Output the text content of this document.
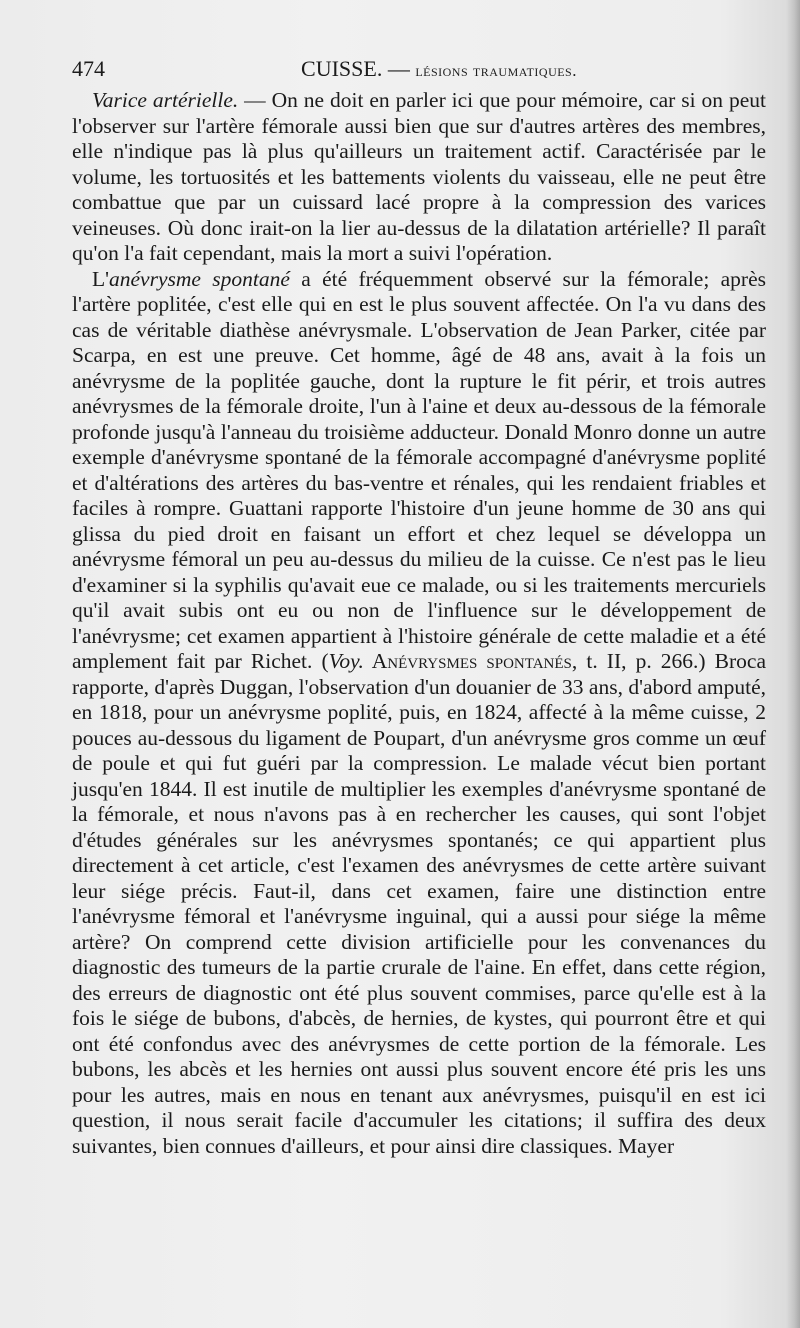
474	CUISSE. — lésions traumatiques.

Varice artérielle. — On ne doit en parler ici que pour mémoire, car si on peut l'observer sur l'artère fémorale aussi bien que sur d'autres artères des membres, elle n'indique pas là plus qu'ailleurs un traitement actif. Caractérisée par le volume, les tortuosités et les battements violents du vaisseau, elle ne peut être combattue que par un cuissard lacé propre à la compression des varices veineuses. Où donc irait-on la lier au-dessus de la dilatation artérielle? Il paraît qu'on l'a fait cependant, mais la mort a suivi l'opération.

L'anévrysme spontané a été fréquemment observé sur la fémorale; après l'artère poplitée, c'est elle qui en est le plus souvent affectée. On l'a vu dans des cas de véritable diathèse anévrysmale. L'observation de Jean Parker, citée par Scarpa, en est une preuve. Cet homme, âgé de 48 ans, avait à la fois un anévrysme de la poplitée gauche, dont la rupture le fit périr, et trois autres anévrysmes de la fémorale droite, l'un à l'aine et deux au-dessous de la fémorale profonde jusqu'à l'anneau du troisième adducteur. Donald Monro donne un autre exemple d'anévrysme spontané de la fémorale accompagné d'anévrysme poplité et d'altérations des artères du bas-ventre et rénales, qui les rendaient friables et faciles à rompre. Guattani rapporte l'histoire d'un jeune homme de 30 ans qui glissa du pied droit en faisant un effort et chez lequel se développa un anévrysme fémoral un peu au-dessus du milieu de la cuisse. Ce n'est pas le lieu d'examiner si la syphilis qu'avait eue ce malade, ou si les traitements mercuriels qu'il avait subis ont eu ou non de l'influence sur le développement de l'anévrysme; cet examen appartient à l'histoire générale de cette maladie et a été amplement fait par Richet. (Voy. Anévrysmes spontanés, t. II, p. 266.) Broca rapporte, d'après Duggan, l'observation d'un douanier de 33 ans, d'abord amputé, en 1818, pour un anévrysme poplité, puis, en 1824, affecté à la même cuisse, 2 pouces au-dessous du ligament de Poupart, d'un anévrysme gros comme un œuf de poule et qui fut guéri par la compression. Le malade vécut bien portant jusqu'en 1844. Il est inutile de multiplier les exemples d'anévrysme spontané de la fémorale, et nous n'avons pas à en rechercher les causes, qui sont l'objet d'études générales sur les anévrysmes spontanés; ce qui appartient plus directement à cet article, c'est l'examen des anévrysmes de cette artère suivant leur siége précis. Faut-il, dans cet examen, faire une distinction entre l'anévrysme fémoral et l'anévrysme inguinal, qui a aussi pour siége la même artère? On comprend cette division artificielle pour les convenances du diagnostic des tumeurs de la partie crurale de l'aine. En effet, dans cette région, des erreurs de diagnostic ont été plus souvent commises, parce qu'elle est à la fois le siége de bubons, d'abcès, de hernies, de kystes, qui pourront être et qui ont été confondus avec des anévrysmes de cette portion de la fémorale. Les bubons, les abcès et les hernies ont aussi plus souvent encore été pris les uns pour les autres, mais en nous en tenant aux anévrysmes, puisqu'il en est ici question, il nous serait facile d'accumuler les citations; il suffira des deux suivantes, bien connues d'ailleurs, et pour ainsi dire classiques. Mayer
